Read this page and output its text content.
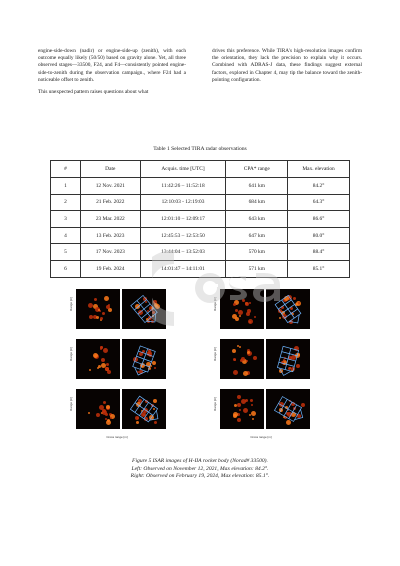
engine-side-down (nadir) or engine-side-up (zenith), with each outcome equally likely (50/50) based on gravity alone. Yet, all three observed stages—33500, F24, and F4—consistently pointed engine-side-to-zenith during the observation campaign., where F24 had a noticeable offset to zenith.

This unexpected pattern raises questions about what

drives this preference. While TIRA's high-resolution images confirm the orientation, they lack the precision to explain why it occurs. Combined with ADRAS-J data, these findings suggest external factors, explored in Chapter 4, may tip the balance toward the zenith-pointing configuration.

Table 1 Selected TIRA radar observations
#	Date	Acquis. time [UTC]	CPA* range	Max. elevation
1	12 Nov. 2021	11:42:26 – 11:52:18	641 km	84.2°
2	21 Feb. 2022	12:10:03 - 12:19:03	684 km	64.3°
3	23 Mar. 2022	12:01:10 – 12:09:17	643 km	86.6°
4	13 Feb. 2023	12:45:53 – 12:53:50	647 km	80.0°
5	17 Nov. 2023	13:44:04 – 13:52:03	570 km	88.4°
6	19 Feb. 2024	14:01:47 – 14:11:01	571 km	85.1°
Range [m]
Range [m]
Range [m]
Cross range [m]
Range [m]
Range [m]
Range [m]
Cross range [m]
esa
Figure 5 ISAR images of H-IIA rocket body (Norad# 33500).
Left: Observed on November 12, 2021, Max elevation: 84.2°.
Right: Observed on February 19, 2024, Max elevation: 85.1°.
